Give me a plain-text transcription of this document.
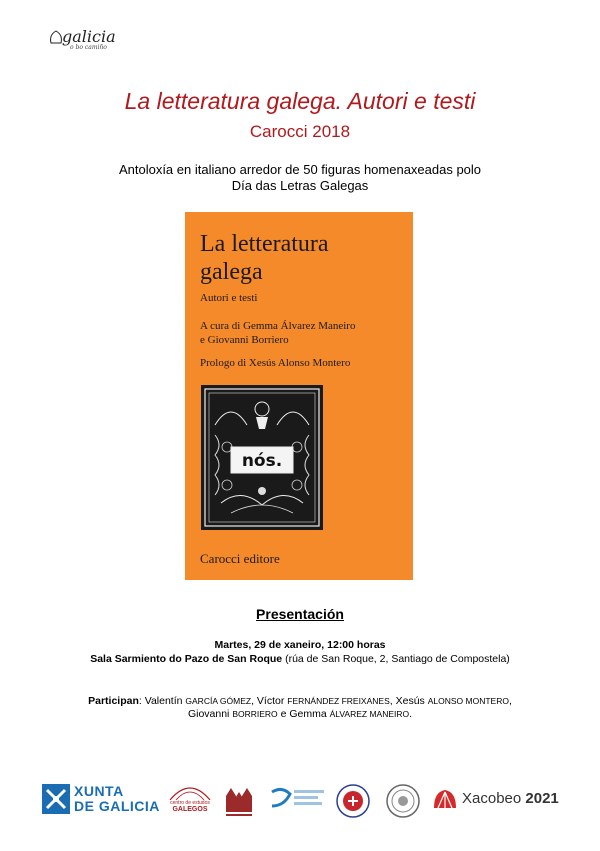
galicia
o bo camiño
La letteratura galega. Autori e testi
Carocci 2018
Antoloxía en italiano arredor de 50 figuras homenaxeadas polo
Día das Letras Galegas
La letteratura
galega
Autori e testi
A cura di Gemma Álvarez Maneiro
e Giovanni Borriero
Prologo di Xesús Alonso Montero
nós.
Carocci editore
Presentación
Martes, 29 de xaneiro, 12:00 horas
Sala Sarmiento do Pazo de San Roque (rúa de San Roque, 2, Santiago de Compostela)
Participan: Valentín GARCÍA GÓMEZ, Víctor FERNÁNDEZ FREIXANES, Xesús ALONSO MONTERO,
Giovanni BORRIERO e Gemma ÁLVAREZ MANEIRO.
XUNTA
DE GALICIA	centro de estudos
GALEGOS
Xacobeo 2021
